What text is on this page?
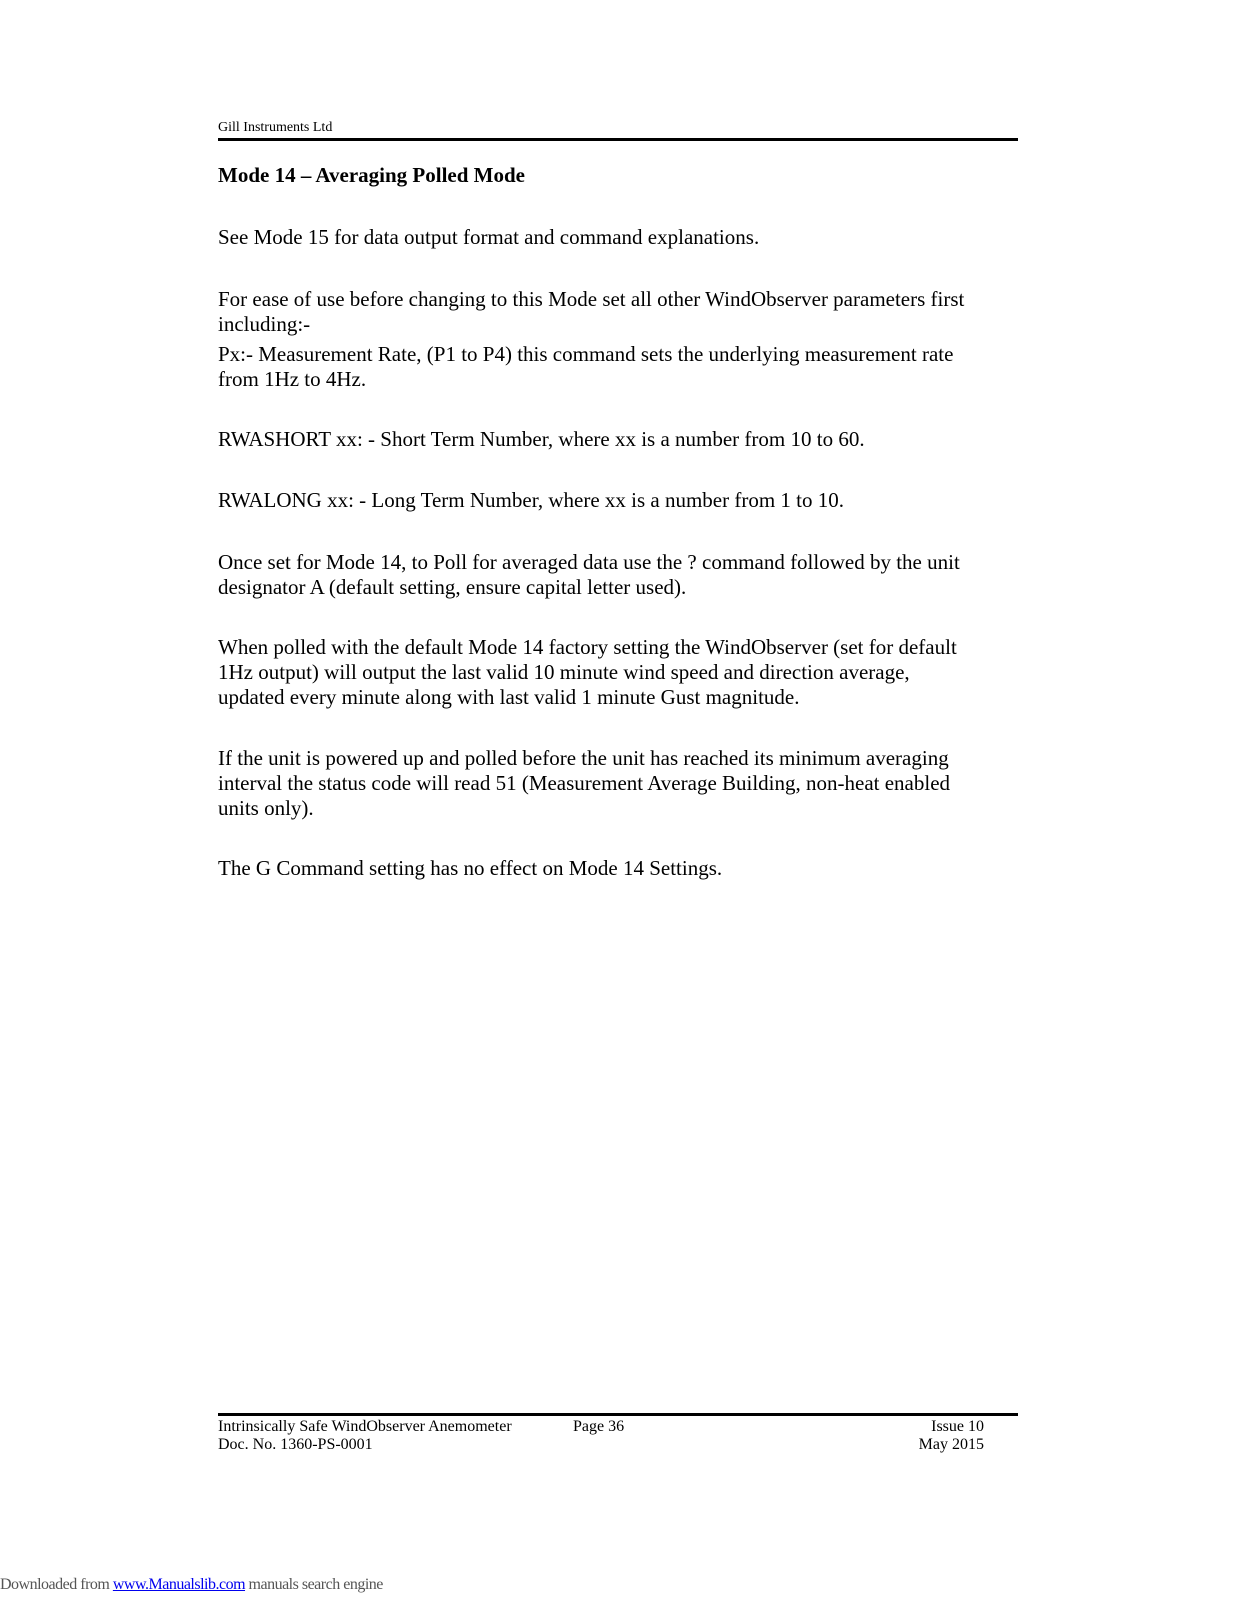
Gill Instruments Ltd
Mode 14 – Averaging Polled Mode

See Mode 15 for data output format and command explanations.

For ease of use before changing to this Mode set all other WindObserver parameters first
including:-

Px:- Measurement Rate, (P1 to P4) this command sets the underlying measurement rate
from 1Hz to 4Hz.

RWASHORT xx: - Short Term Number, where xx is a number from 10 to 60.

RWALONG xx: - Long Term Number, where xx is a number from 1 to 10.

Once set for Mode 14, to Poll for averaged data use the ? command followed by the unit
designator A (default setting, ensure capital letter used).

When polled with the default Mode 14 factory setting the WindObserver (set for default
1Hz output) will output the last valid 10 minute wind speed and direction average,
updated every minute along with last valid 1 minute Gust magnitude.

If the unit is powered up and polled before the unit has reached its minimum averaging
interval the status code will read 51 (Measurement Average Building, non-heat enabled
units only).

The G Command setting has no effect on Mode 14 Settings.

Intrinsically Safe WindObserver Anemometer
Doc. No. 1360-PS-0001
Page 36	Issue 10
May 2015
Downloaded from www.Manualslib.com manuals search engine
